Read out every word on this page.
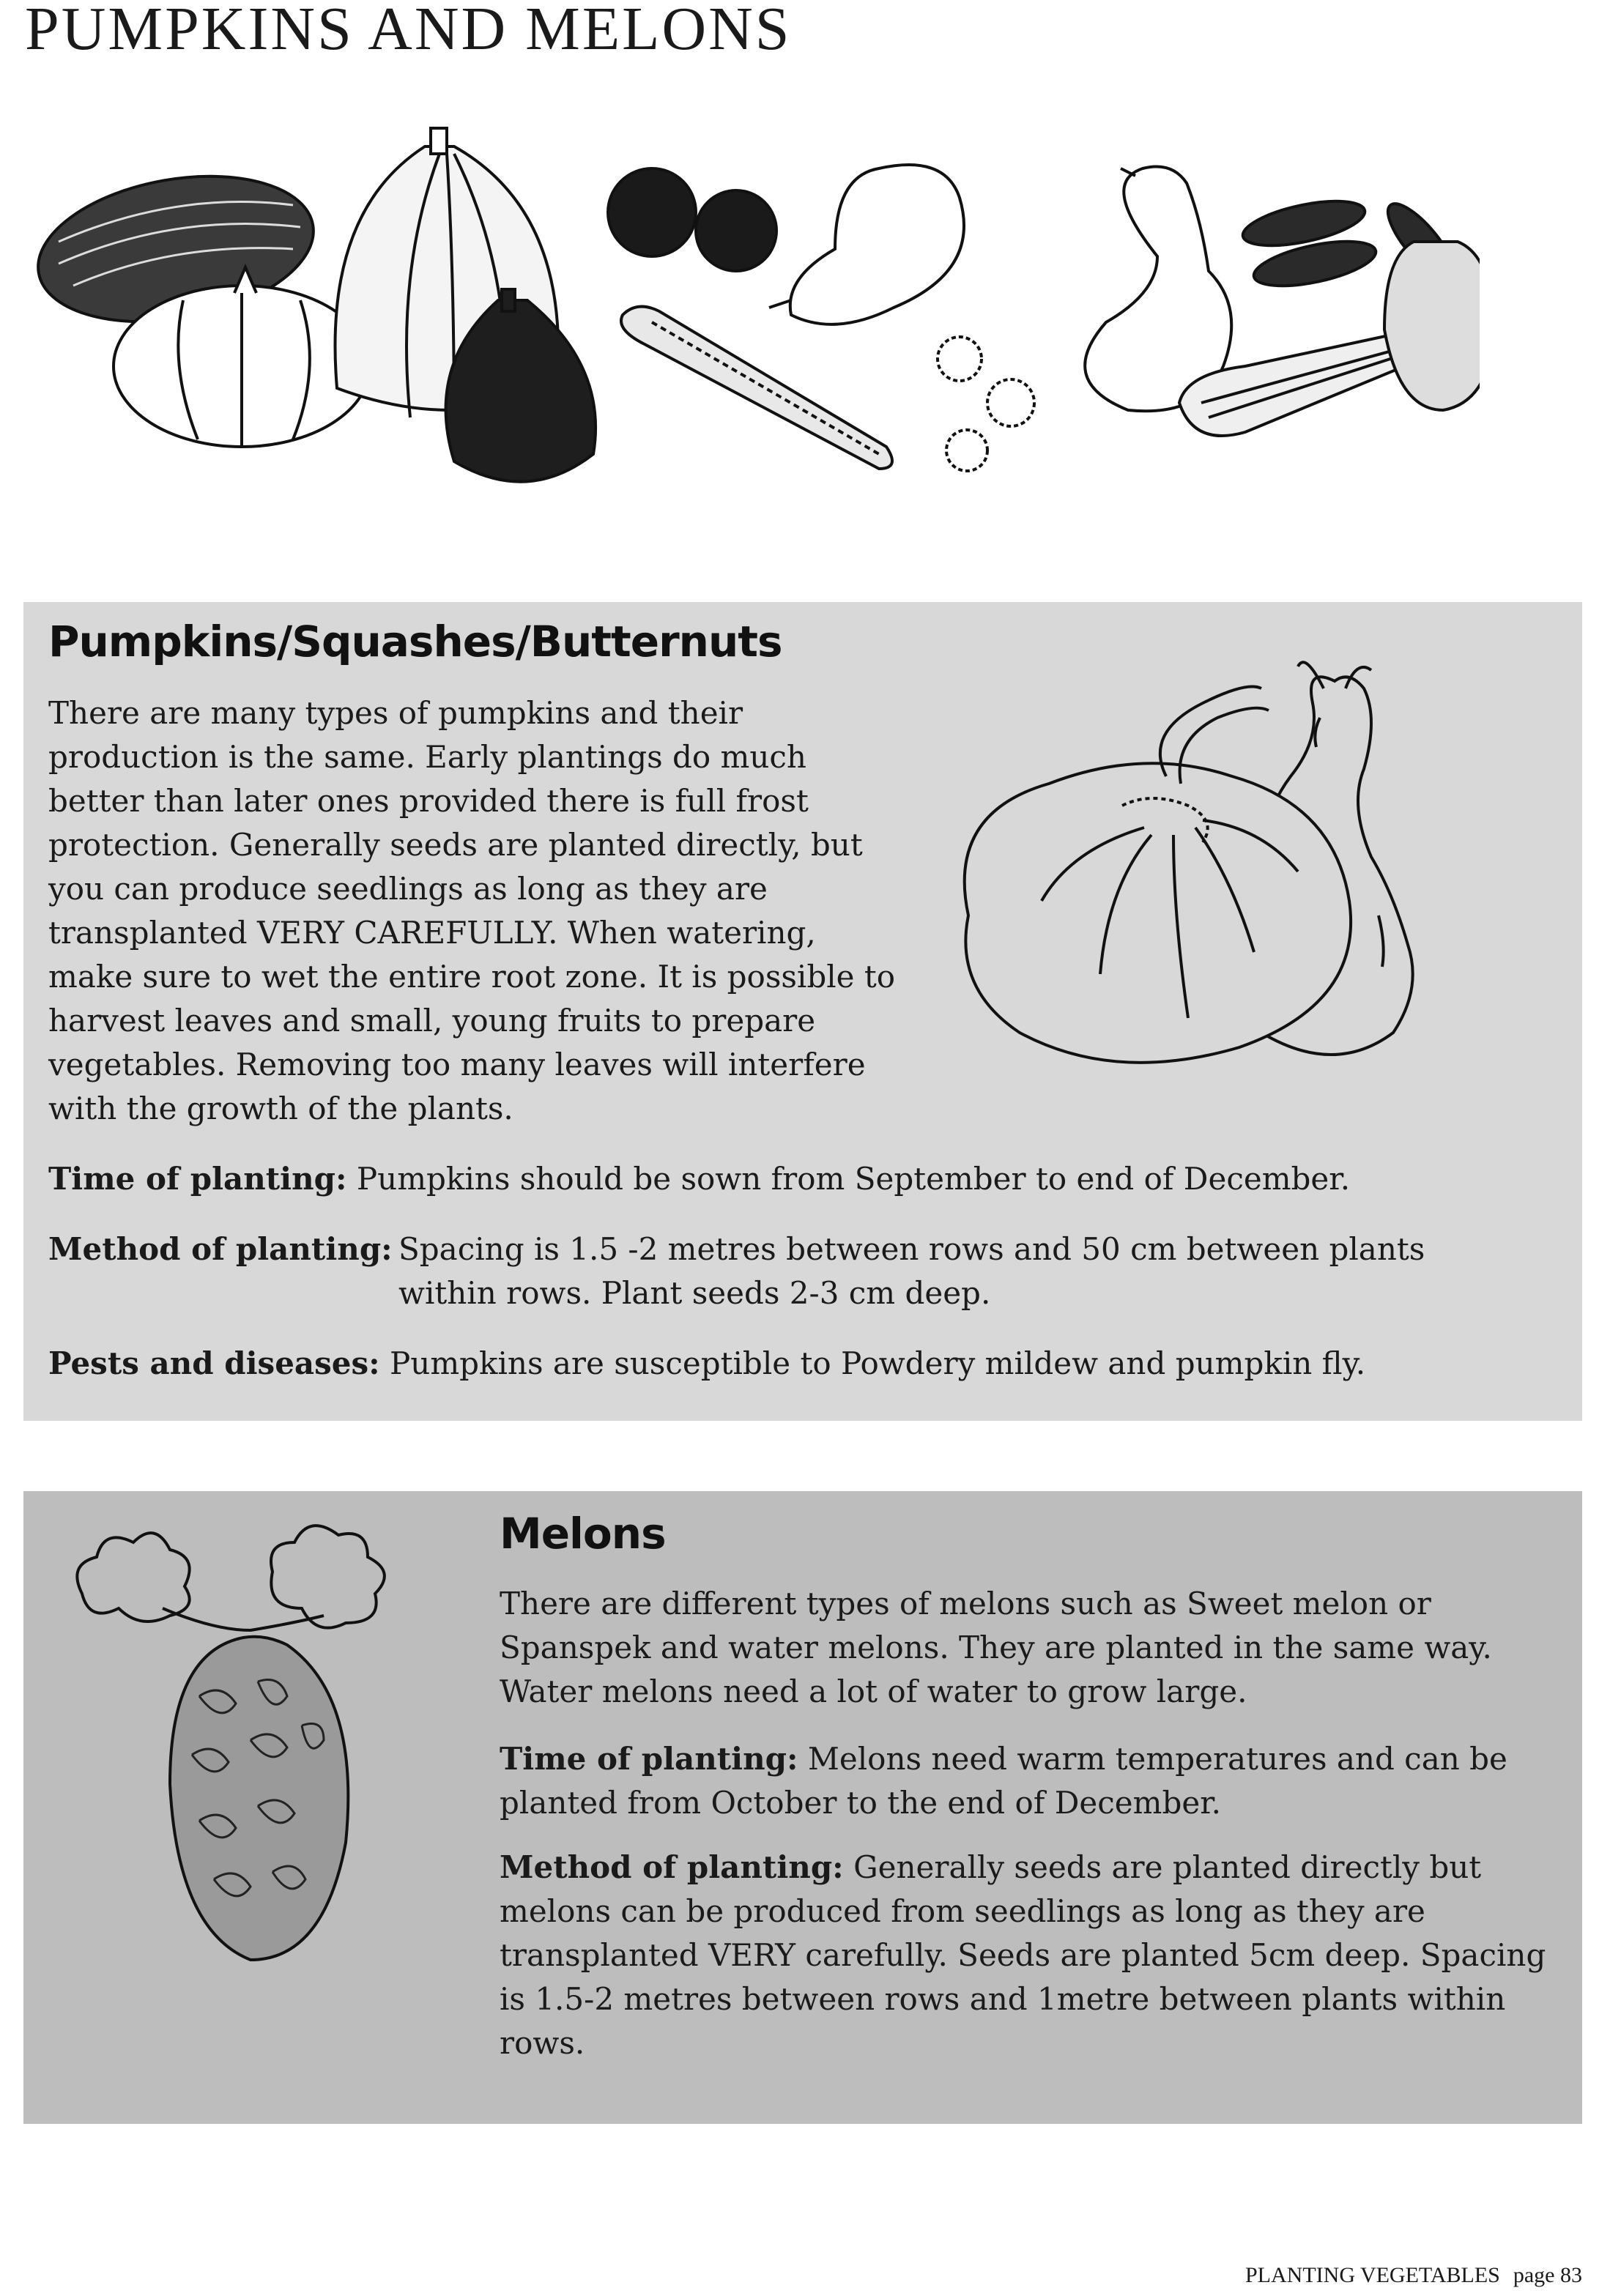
PUMPKINS AND MELONS
Pumpkins/Squashes/Butternuts

There are many types of pumpkins and their production is the same. Early plantings do much better than later ones provided there is full frost protection. Generally seeds are planted directly, but you can produce seedlings as long as they are transplanted VERY CAREFULLY. When watering, make sure to wet the entire root zone. It is possible to harvest leaves and small, young fruits to prepare vegetables. Removing too many leaves will interfere with the growth of the plants.

Time of planting: Pumpkins should be sown from September to end of December.
Method of planting: Spacing is 1.5 -2 metres between rows and 50 cm between plants within rows. Plant seeds 2-3 cm deep.
Pests and diseases: Pumpkins are susceptible to Powdery mildew and pumpkin fly.
Melons

There are different types of melons such as Sweet melon or Spanspek and water melons. They are planted in the same way. Water melons need a lot of water to grow large.

Time of planting: Melons need warm temperatures and can be planted from October to the end of December.

Method of planting: Generally seeds are planted directly but melons can be produced from seedlings as long as they are transplanted VERY carefully. Seeds are planted 5cm deep. Spacing is 1.5-2 metres between rows and 1metre between plants within rows.

PLANTING VEGETABLES page 83
